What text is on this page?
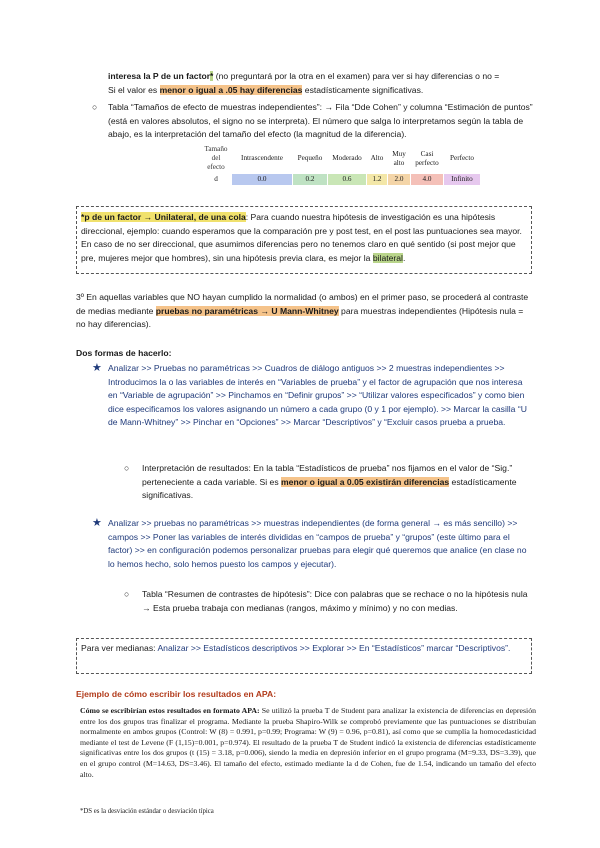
interesa la P de un factor* (no preguntará por la otra en el examen) para ver si hay diferencias o no =
Si el valor es menor o igual a .05 hay diferencias estadísticamente significativas.
○ Tabla “Tamaños de efecto de muestras independientes”: → Fila “Dde Cohen” y columna “Estimación de puntos” (está en valores absolutos, el signo no se interpreta). El número que salga lo interpretamos según la tabla de abajo, es la interpretación del tamaño del efecto (la magnitud de la diferencia).
Tamaño del efecto	Intrascendente	Pequeño	Moderado	Alto	Muy alto	Casi perfecto	Perfecto
d	0.0	0.2	0.6	1.2	2.0	4.0	Infinito
*p de un factor → Unilateral, de una cola: Para cuando nuestra hipótesis de investigación es una hipótesis direccional, ejemplo: cuando esperamos que la comparación pre y post test, en el post las puntuaciones sea mayor. En caso de no ser direccional, que asumimos diferencias pero no tenemos claro en qué sentido (si post mejor que pre, mujeres mejor que hombres), sin una hipótesis previa clara, es mejor la bilateral.
3º En aquellas variables que NO hayan cumplido la normalidad (o ambos) en el primer paso, se procederá al contraste de medias mediante pruebas no paramétricas → U Mann-Whitney para muestras independientes (Hipótesis nula = no hay diferencias).
Dos formas de hacerlo:
★ Analizar >> Pruebas no paramétricas >> Cuadros de diálogo antiguos >> 2 muestras independientes >> Introducimos la o las variables de interés en “Variables de prueba” y el factor de agrupación que nos interesa en “Variable de agrupación” >> Pinchamos en “Definir grupos” >> “Utilizar valores especificados” y como bien dice especificamos los valores asignando un número a cada grupo (0 y 1 por ejemplo). >> Marcar la casilla “U de Mann-Whitney” >> Pinchar en “Opciones” >> Marcar “Descriptivos” y “Excluir casos prueba a prueba.
○ Interpretación de resultados: En la tabla “Estadísticos de prueba” nos fijamos en el valor de “Sig.” perteneciente a cada variable. Si es menor o igual a 0.05 existirán diferencias estadísticamente significativas.
★ Analizar >> pruebas no paramétricas >> muestras independientes (de forma general → es más sencillo) >> campos >> Poner las variables de interés divididas en “campos de prueba” y “grupos” (este último para el factor) >> en configuración podemos personalizar pruebas para elegir qué queremos que analice (en clase no lo hemos hecho, solo hemos puesto los campos y ejecutar).
○ Tabla “Resumen de contrastes de hipótesis”: Dice con palabras que se rechace o no la hipótesis nula → Esta prueba trabaja con medianas (rangos, máximo y mínimo) y no con medias.
Para ver medianas: Analizar >> Estadísticos descriptivos >> Explorar >> En “Estadísticos” marcar “Descriptivos”.
Ejemplo de cómo escribir los resultados en APA:
Cómo se escribirían estos resultados en formato APA: Se utilizó la prueba T de Student para analizar la existencia de diferencias en depresión entre los dos grupos tras finalizar el programa. Mediante la prueba Shapiro-Wilk se comprobó previamente que las puntuaciones se distribuían normalmente en ambos grupos (Control: W (8) = 0.991, p=0.99; Programa: W (9) = 0.96, p=0.81), así como que se cumplía la homocedasticidad mediante el test de Levene (F (1,15)=0.001, p=0.974). El resultado de la prueba T de Student indicó la existencia de diferencias estadísticamente significativas entre los dos grupos (t (15) = 3.18, p=0.006), siendo la media en depresión inferior en el grupo programa (M=9.33, DS=3.39), que en el grupo control (M=14.63, DS=3.46). El tamaño del efecto, estimado mediante la d de Cohen, fue de 1.54, indicando un tamaño del efecto alto.
*DS es la desviación estándar o desviación típica
